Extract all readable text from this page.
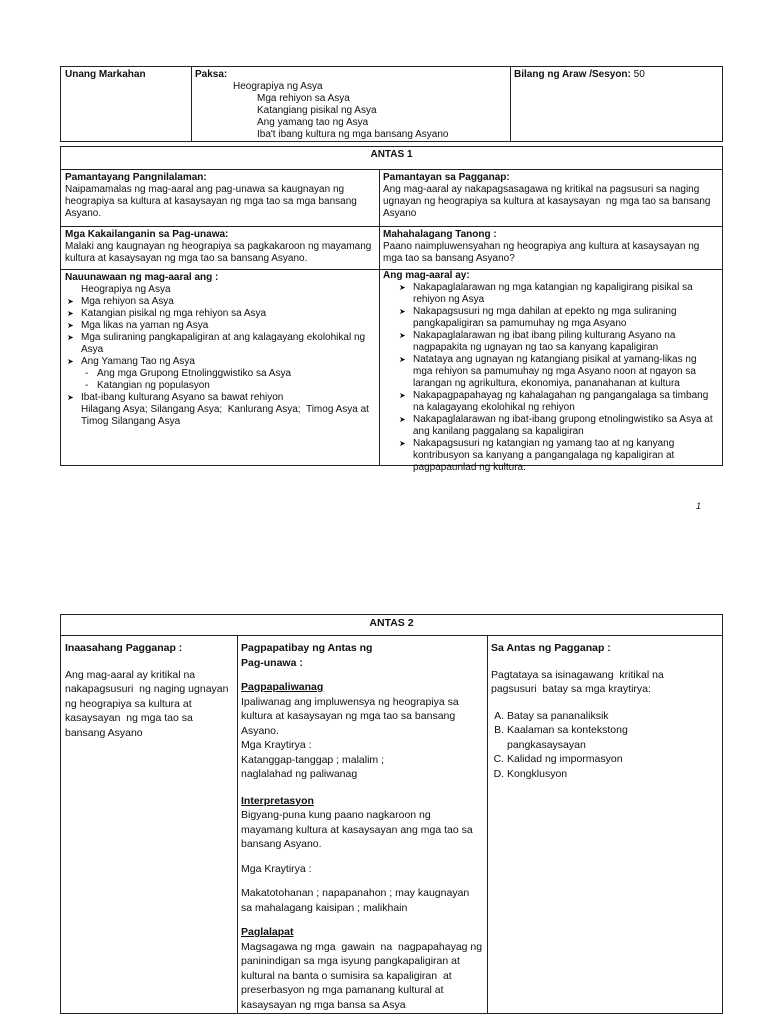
Unang Markahan	Paksa:
Heograpiya ng Asya
Mga rehiyon sa Asya
Katangiang pisikal ng Asya
Ang yamang tao ng Asya
Iba't ibang kultura ng mga bansang Asyano
Bilang ng Araw /Sesyon: 50
ANTAS 1
Pamantayang Pangnilalaman:
Naipamamalas ng mag-aaral ang pag-unawa sa kaugnayan ng heograpiya sa kultura at kasaysayan ng mga tao sa mga bansang Asyano.
Pamantayan sa Pagganap:
Ang mag-aaral ay nakapagsasagawa ng kritikal na pagsusuri sa naging ugnayan ng heograpiya sa kultura at kasaysayan  ng mga tao sa bansang Asyano
Mga Kakailanganin sa Pag-unawa:
Malaki ang kaugnayan ng heograpiya sa pagkakaroon ng mayamang kultura at kasaysayan ng mga tao sa bansang Asyano.
Mahahalagang Tanong :
Paano naimpluwensyahan ng heograpiya ang kultura at kasaysayan ng mga tao sa bansang Asyano?
Nauunawaan ng mag-aaral ang :
Heograpiya ng Asya
➤ Mga rehiyon sa Asya
➤ Katangian pisikal ng mga rehiyon sa Asya
➤ Mga likas na yaman ng Asya
➤ Mga suliraning pangkapaligiran at ang kalagayang ekolohikal ng Asya
➤ Ang Yamang Tao ng Asya
- Ang mga Grupong Etnolinggwistiko sa Asya
- Katangian ng populasyon
➤ Ibat-ibang kulturang Asyano sa bawat rehiyon
Hilagang Asya; Silangang Asya;  Kanlurang Asya;  Timog Asya at  Timog Silangang Asya
Ang mag-aaral ay:
➤ Nakapaglalarawan ng mga katangian ng kapaligirang pisikal sa rehiyon ng Asya
➤ Nakapagsusuri ng mga dahilan at epekto ng mga suliraning pangkapaligiran sa pamumuhay ng mga Asyano
➤ Nakapaglalarawan ng ibat ibang piling kulturang Asyano na nagpapakita ng ugnayan ng tao sa kanyang kapaligiran
➤ Natataya ang ugnayan ng katangiang pisikal at yamang-likas ng mga rehiyon sa pamumuhay ng mga Asyano noon at ngayon sa larangan ng agrikultura, ekonomiya, pananahanan at kultura
➤ Nakapagpapahayag ng kahalagahan ng pangangalaga sa timbang na kalagayang ekolohikal ng rehiyon
➤ Nakapaglalarawan ng ibat-ibang grupong etnolingwistiko sa Asya at ang kanilang paggalang sa kapaligiran
➤ Nakapagsusuri ng katangian ng yamang tao at ng kanyang kontribusyon sa kanyang a pangangalaga ng kapaligiran at pagpapaunlad ng kultura.
1
ANTAS 2
Inaasahang Pagganap :
Ang mag-aaral ay kritikal na nakapagsusuri  ng naging ugnayan ng heograpiya sa kultura at kasaysayan  ng mga tao sa bansang Asyano
Pagpapatibay ng Antas ng Pag-unawa :
Pagpapaliwanag
Ipaliwanag ang impluwensya ng heograpiya sa kultura at kasaysayan ng mga tao sa bansang Asyano.
Mga Kraytirya :
Katanggap-tanggap ; malalim ; naglalahad ng paliwanag
Interpretasyon
Bigyang-puna kung paano nagkaroon ng mayamang kultura at kasaysayan ang mga tao sa bansang Asyano.
Mga Kraytirya :
Makatotohanan ; napapanahon ; may kaugnayan sa mahalagang kaisipan ; malikhain
Paglalapat
Magsagawa ng mga  gawain  na  nagpapahayag ng  paninindigan sa mga isyung pangkapaligiran at kultural na banta o sumisira sa kapaligiran  at preserbasyon ng mga pamanang kultural at kasaysayan ng mga bansa sa Asya
Sa Antas ng Pagganap :
Pagtataya sa isinagawang  kritikal na pagsusuri  batay sa mga kraytirya:
A. Batay sa pananaliksik
B. Kaalaman sa kontekstong pangkasaysayan
C. Kalidad ng impormasyon
D. Kongklusyon
